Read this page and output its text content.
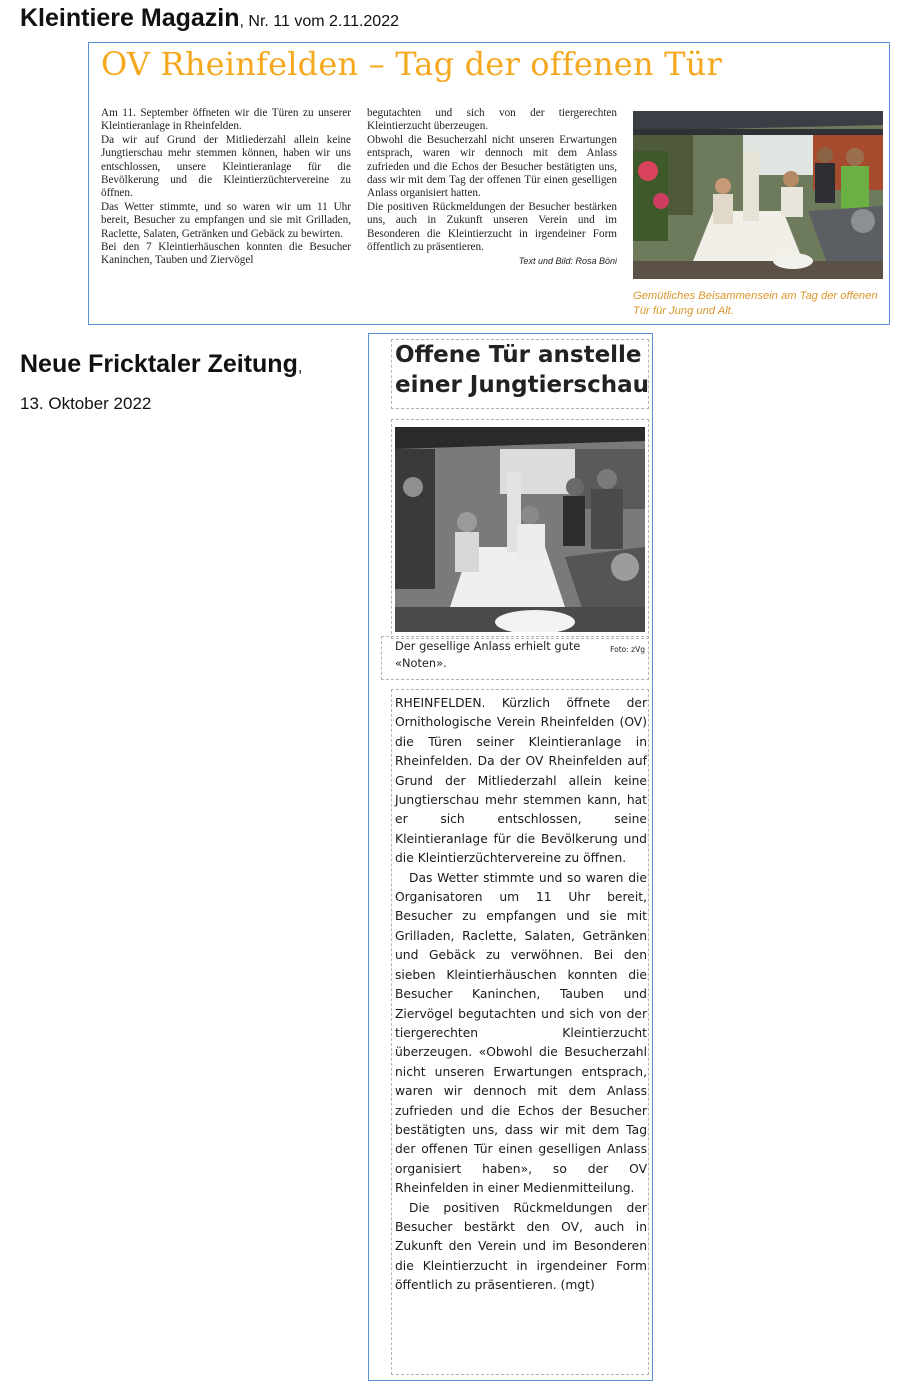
Kleintiere Magazin, Nr. 11 vom 2.11.2022
OV Rheinfelden – Tag der offenen Tür

Am 11. September öffneten wir die Türen zu unserer Kleintieranlage in Rheinfelden.

Da wir auf Grund der Mitliederzahl allein keine Jungtierschau mehr stemmen können, haben wir uns entschlossen, unsere Kleintieranlage für die Bevölkerung und die Kleintierzüchtervereine zu öffnen.

Das Wetter stimmte, und so waren wir um 11 Uhr bereit, Besucher zu empfangen und sie mit Grilladen, Raclette, Salaten, Getränken und Gebäck zu bewirten.

Bei den 7 Kleintierhäuschen konnten die Besucher Kaninchen, Tauben und Ziervögel

begutachten und sich von der tiergerechten Kleintierzucht überzeugen.

Obwohl die Besucherzahl nicht unseren Erwartungen entsprach, waren wir dennoch mit dem Anlass zufrieden und die Echos der Besucher bestätigten uns, dass wir mit dem Tag der offenen Tür einen geselligen Anlass organisiert hatten.

Die positiven Rückmeldungen der Besucher bestärken uns, auch in Zukunft unseren Verein und im Besonderen die Kleintierzucht in irgendeiner Form öffentlich zu präsentieren.

Text und Bild: Rosa Böni
Gemütliches Beisammensein am Tag der offenen Tür für Jung und Alt.
Neue Fricktaler Zeitung,
13. Oktober 2022
Offene Tür anstelle
einer Jungtierschau
Foto: zVg
Der gesellige Anlass erhielt gute «Noten».

RHEINFELDEN. Kürzlich öffnete der Ornithologische Verein Rheinfelden (OV) die Türen seiner Kleintieranlage in Rheinfelden. Da der OV Rheinfelden auf Grund der Mitliederzahl allein keine Jungtierschau mehr stemmen kann, hat er sich entschlossen, seine Kleintieranlage für die Bevölkerung und die Kleintierzüchtervereine zu öffnen.

Das Wetter stimmte und so waren die Organisatoren um 11 Uhr bereit, Besucher zu empfangen und sie mit Grilladen, Raclette, Salaten, Getränken und Gebäck zu verwöhnen. Bei den sieben Kleintierhäuschen konnten die Besucher Kaninchen, Tauben und Ziervögel begutachten und sich von der tiergerechten Kleintierzucht überzeugen. «Obwohl die Besucherzahl nicht unseren Erwartungen entsprach, waren wir dennoch mit dem Anlass zufrieden und die Echos der Besucher bestätigten uns, dass wir mit dem Tag der offenen Tür einen geselligen Anlass organisiert haben», so der OV Rheinfelden in einer Medienmitteilung.

Die positiven Rückmeldungen der Besucher bestärkt den OV, auch in Zukunft den Verein und im Besonderen die Kleintierzucht in irgendeiner Form öffentlich zu präsentieren. (mgt)
